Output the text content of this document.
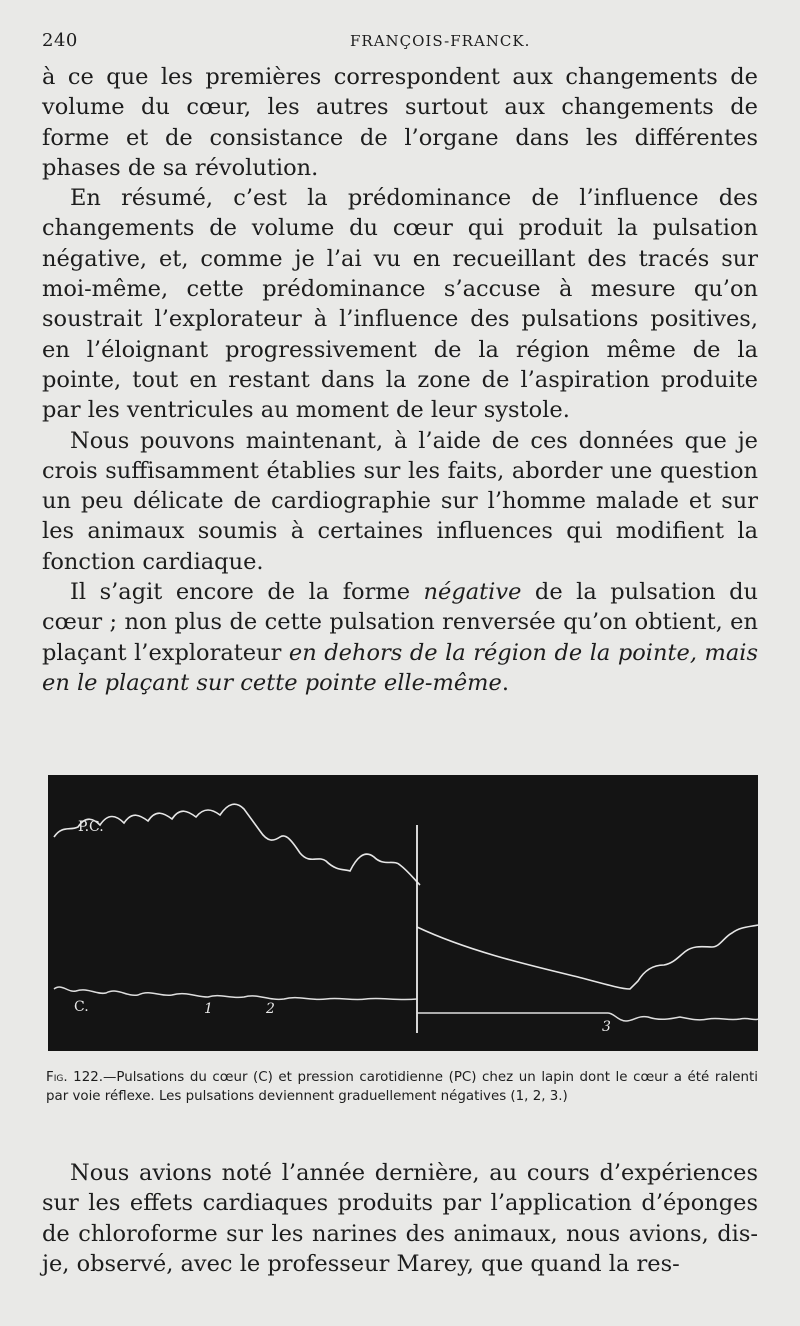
240	FRANÇOIS-FRANCK.

à ce que les premières correspondent aux changements de volume du cœur, les autres surtout aux changements de forme et de consistance de l’organe dans les différentes phases de sa révolution.

En résumé, c’est la prédominance de l’influence des changements de volume du cœur qui produit la pulsation négative, et, comme je l’ai vu en recueillant des tracés sur moi-même, cette prédominance s’accuse à mesure qu’on soustrait l’explorateur à l’influence des pulsations positives, en l’éloignant progressivement de la région même de la pointe, tout en restant dans la zone de l’aspiration produite par les ventricules au moment de leur systole.

Nous pouvons maintenant, à l’aide de ces données que je crois suffisamment établies sur les faits, aborder une question un peu délicate de cardiographie sur l’homme malade et sur les animaux soumis à certaines influences qui modifient la fonction cardiaque.

Il s’agit encore de la forme négative de la pulsation du cœur ; non plus de cette pulsation renversée qu’on obtient, en plaçant l’explorateur en dehors de la région de la pointe, mais en le plaçant sur cette pointe elle-même.

P.C.
C.	1	2
3
Fig. 122.—Pulsations du cœur (C) et pression carotidienne (PC) chez un lapin dont le cœur a été ralenti par voie réflexe. Les pulsations deviennent graduellement négatives (1, 2, 3.)

Nous avions noté l’année dernière, au cours d’expériences sur les effets cardiaques produits par l’application d’éponges de chloroforme sur les narines des animaux, nous avions, dis-je, observé, avec le professeur Marey, que quand la res-
